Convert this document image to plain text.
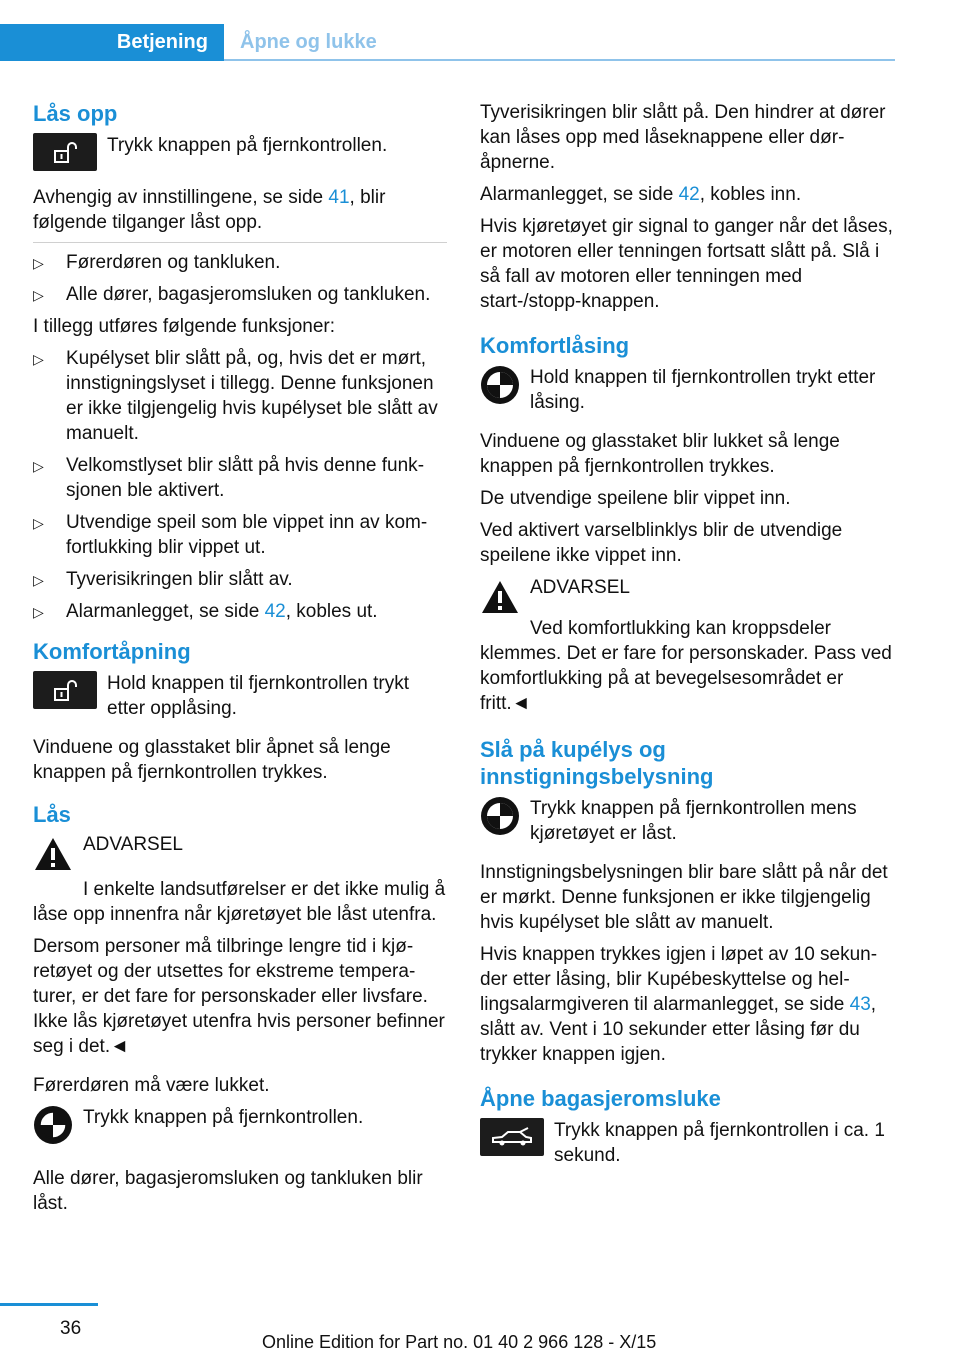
Betjening	Åpne og lukke
Lås opp
Trykk knappen på fjernkontrollen.

Avhengig av innstillingene, se side 41, blir følgende tilganger låst opp.

▷ Førerdøren og tankluken.
▷ Alle dører, bagasjeromsluken og tankluken.

I tillegg utføres følgende funksjoner:

▷ Kupélyset blir slått på, og, hvis det er mørt, innstigningslyset i tillegg. Denne funksjonen er ikke tilgjengelig hvis kupélyset ble slått av manuelt.
▷ Velkomstlyset blir slått på hvis denne funksjonen ble aktivert.
▷ Utvendige speil som ble vippet inn av komfortlukking blir vippet ut.
▷ Tyverisikringen blir slått av.
▷ Alarmanlegget, se side 42, kobles ut.
Komfortåpning
Hold knappen til fjernkontrollen trykt etter opplåsing.

Vinduene og glasstaket blir åpnet så lenge knappen på fjernkontrollen trykkes.

Lås
ADVARSEL

I enkelte landsutførelser er det ikke mulig å låse opp innenfra når kjøretøyet ble låst utenfra.

Dersom personer må tilbringe lengre tid i kjøretøyet og der utsettes for ekstreme temperaturer, er det fare for personskader eller livsfare. Ikke lås kjøretøyet utenfra hvis personer befinner seg i det.◄

Førerdøren må være lukket.

Trykk knappen på fjernkontrollen.

Alle dører, bagasjeromsluken og tankluken blir låst.

Tyverisikringen blir slått på. Den hindrer at dører kan låses opp med låseknappene eller døråpnerne.

Alarmanlegget, se side 42, kobles inn.

Hvis kjøretøyet gir signal to ganger når det låses, er motoren eller tenningen fortsatt slått på. Slå i så fall av motoren eller tenningen med start-/stopp-knappen.

Komfortlåsing
Hold knappen til fjernkontrollen trykt etter låsing.

Vinduene og glasstaket blir lukket så lenge knappen på fjernkontrollen trykkes.

De utvendige speilene blir vippet inn.

Ved aktivert varselblinklys blir de utvendige speilene ikke vippet inn.

ADVARSEL

Ved komfortlukking kan kroppsdeler klemmes. Det er fare for personskader. Pass ved komfortlukking på at bevegelsesområdet er fritt.◄

Slå på kupélys og innstigningsbelysning
Trykk knappen på fjernkontrollen mens kjøretøyet er låst.

Innstigningsbelysningen blir bare slått på når det er mørkt. Denne funksjonen er ikke tilgjengelig hvis kupélyset ble slått av manuelt.

Hvis knappen trykkes igjen i løpet av 10 sekunder etter låsing, blir Kupébeskyttelse og hellingsalarmgiveren til alarmanlegget, se side 43, slått av. Vent i 10 sekunder etter låsing før du trykker knappen igjen.

Åpne bagasjeromsluke
Trykk knappen på fjernkontrollen i ca. 1 sekund.
36
Online Edition for Part no. 01 40 2 966 128 - X/15
